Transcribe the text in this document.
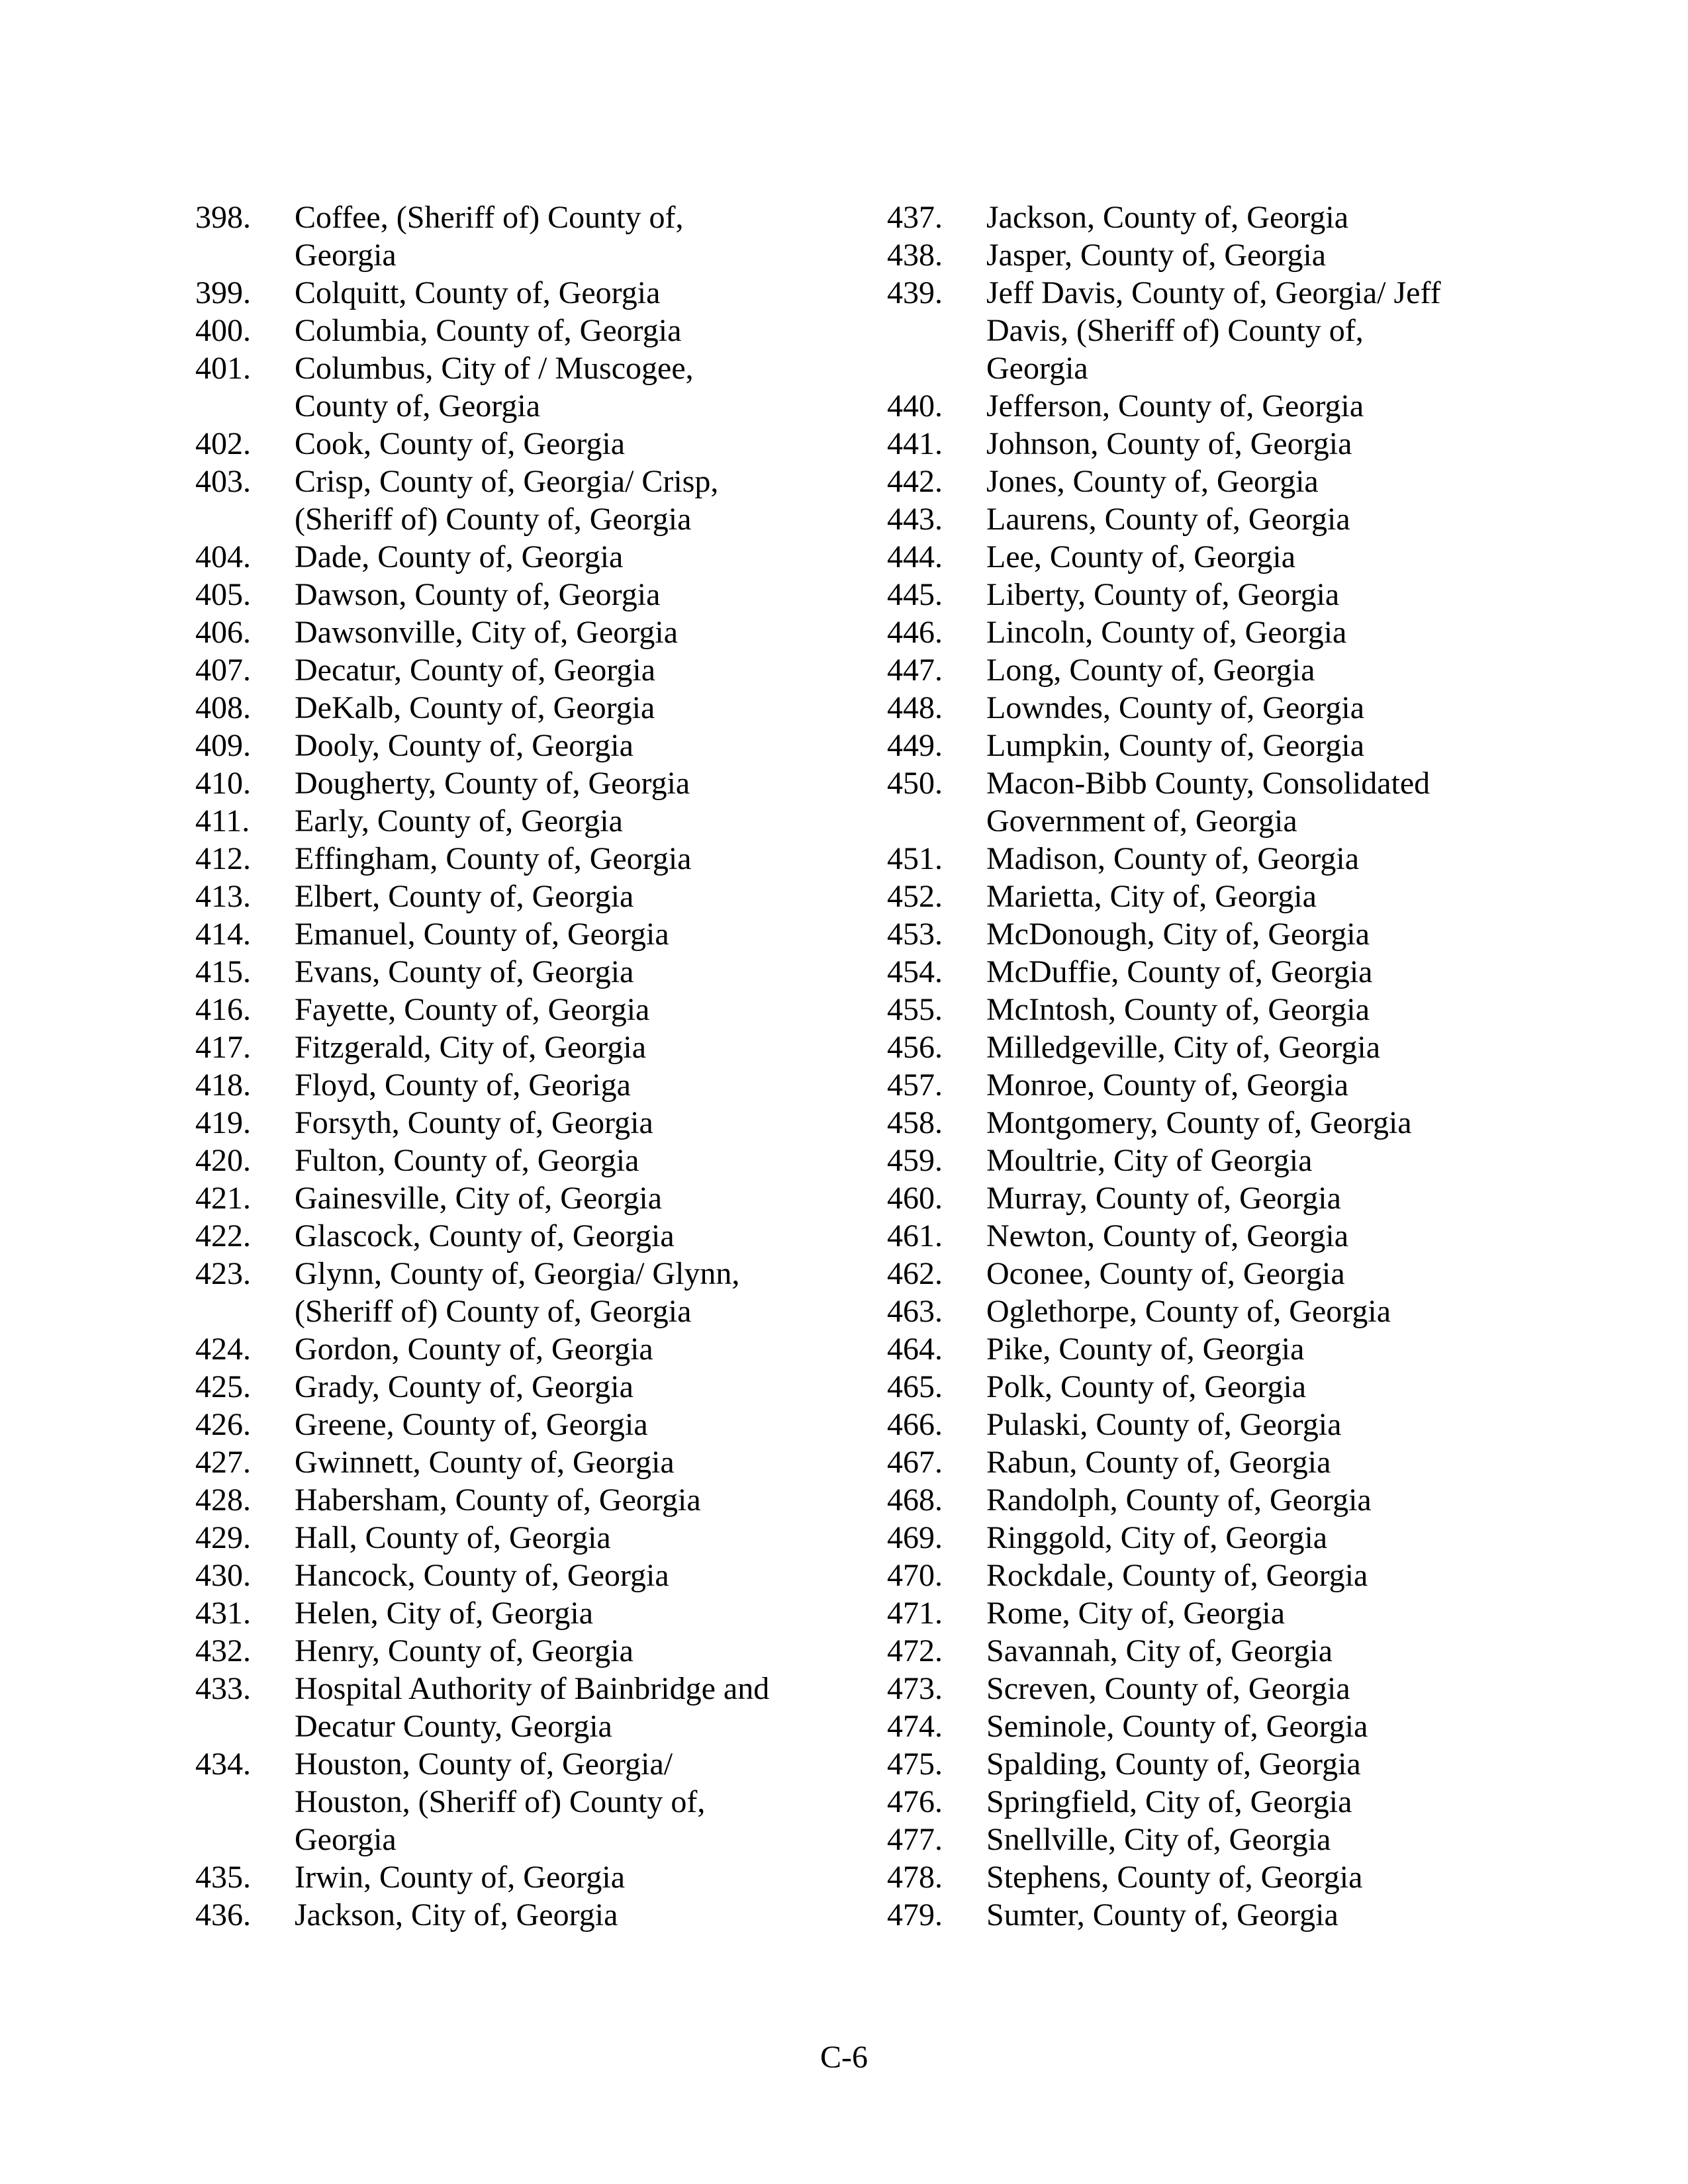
398.	Coffee, (Sheriff of) County of,
Georgia
399.	Colquitt, County of, Georgia
400.	Columbia, County of, Georgia
401.	Columbus, City of / Muscogee,
County of, Georgia
402.	Cook, County of, Georgia
403.	Crisp, County of, Georgia/ Crisp,
(Sheriff of) County of, Georgia
404.	Dade, County of, Georgia
405.	Dawson, County of, Georgia
406.	Dawsonville, City of, Georgia
407.	Decatur, County of, Georgia
408.	DeKalb, County of, Georgia
409.	Dooly, County of, Georgia
410.	Dougherty, County of, Georgia
411.	Early, County of, Georgia
412.	Effingham, County of, Georgia
413.	Elbert, County of, Georgia
414.	Emanuel, County of, Georgia
415.	Evans, County of, Georgia
416.	Fayette, County of, Georgia
417.	Fitzgerald, City of, Georgia
418.	Floyd, County of, Georiga
419.	Forsyth, County of, Georgia
420.	Fulton, County of, Georgia
421.	Gainesville, City of, Georgia
422.	Glascock, County of, Georgia
423.	Glynn, County of, Georgia/ Glynn,
(Sheriff of) County of, Georgia
424.	Gordon, County of, Georgia
425.	Grady, County of, Georgia
426.	Greene, County of, Georgia
427.	Gwinnett, County of, Georgia
428.	Habersham, County of, Georgia
429.	Hall, County of, Georgia
430.	Hancock, County of, Georgia
431.	Helen, City of, Georgia
432.	Henry, County of, Georgia
433.	Hospital Authority of Bainbridge and
Decatur County, Georgia
434.	Houston, County of, Georgia/
Houston, (Sheriff of) County of,
Georgia
435.	Irwin, County of, Georgia
436.	Jackson, City of, Georgia
437.	Jackson, County of, Georgia
438.	Jasper, County of, Georgia
439.	Jeff Davis, County of, Georgia/ Jeff
Davis, (Sheriff of) County of,
Georgia
440.	Jefferson, County of, Georgia
441.	Johnson, County of, Georgia
442.	Jones, County of, Georgia
443.	Laurens, County of, Georgia
444.	Lee, County of, Georgia
445.	Liberty, County of, Georgia
446.	Lincoln, County of, Georgia
447.	Long, County of, Georgia
448.	Lowndes, County of, Georgia
449.	Lumpkin, County of, Georgia
450.	Macon-Bibb County, Consolidated
Government of, Georgia
451.	Madison, County of, Georgia
452.	Marietta, City of, Georgia
453.	McDonough, City of, Georgia
454.	McDuffie, County of, Georgia
455.	McIntosh, County of, Georgia
456.	Milledgeville, City of, Georgia
457.	Monroe, County of, Georgia
458.	Montgomery, County of, Georgia
459.	Moultrie, City of Georgia
460.	Murray, County of, Georgia
461.	Newton, County of, Georgia
462.	Oconee, County of, Georgia
463.	Oglethorpe, County of, Georgia
464.	Pike, County of, Georgia
465.	Polk, County of, Georgia
466.	Pulaski, County of, Georgia
467.	Rabun, County of, Georgia
468.	Randolph, County of, Georgia
469.	Ringgold, City of, Georgia
470.	Rockdale, County of, Georgia
471.	Rome, City of, Georgia
472.	Savannah, City of, Georgia
473.	Screven, County of, Georgia
474.	Seminole, County of, Georgia
475.	Spalding, County of, Georgia
476.	Springfield, City of, Georgia
477.	Snellville, City of, Georgia
478.	Stephens, County of, Georgia
479.	Sumter, County of, Georgia
C-6
